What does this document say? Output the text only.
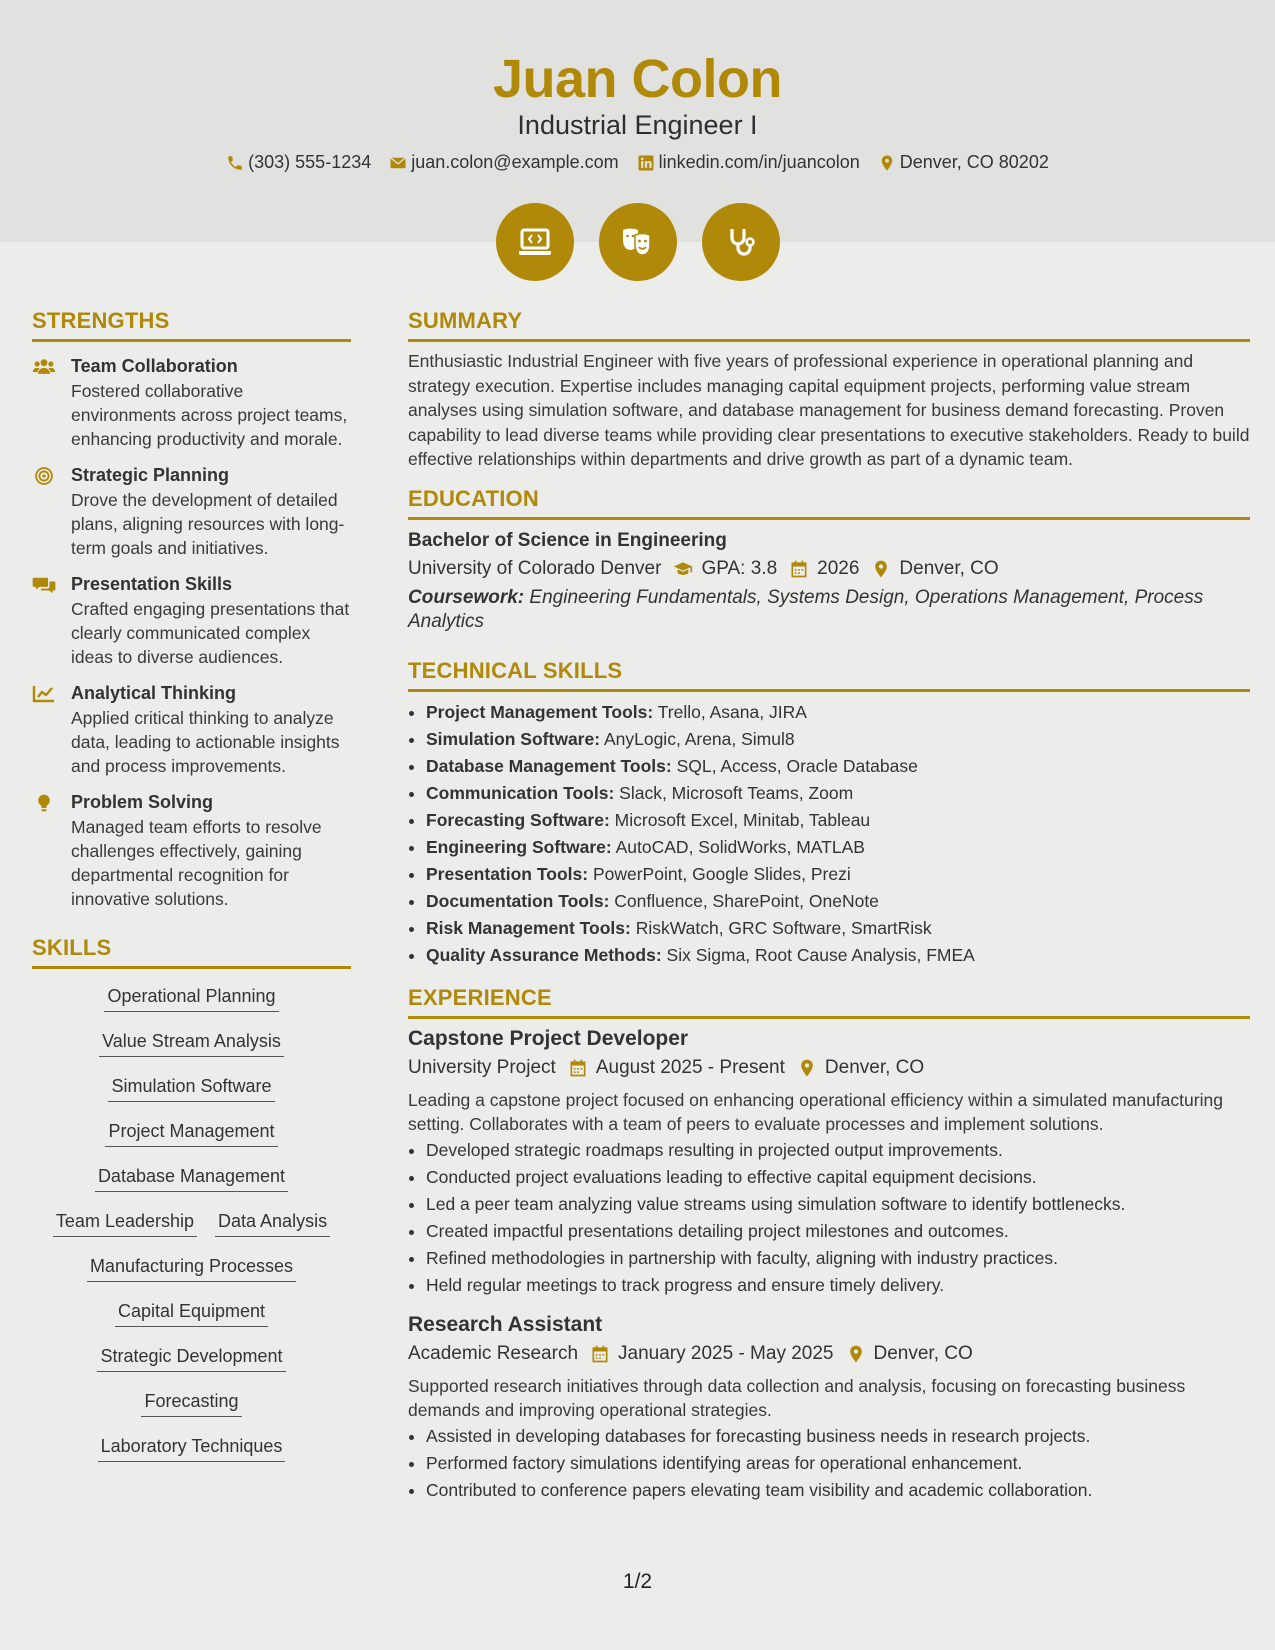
Juan Colon
Industrial Engineer I
(303) 555-1234 juan.colon@example.com linkedin.com/in/juancolon Denver, CO 80202
STRENGTHS
Team Collaboration
Fostered collaborative environments across project teams, enhancing productivity and morale.
Strategic Planning
Drove the development of detailed plans, aligning resources with long-term goals and initiatives.
Presentation Skills
Crafted engaging presentations that clearly communicated complex ideas to diverse audiences.
Analytical Thinking
Applied critical thinking to analyze data, leading to actionable insights and process improvements.
Problem Solving
Managed team efforts to resolve challenges effectively, gaining departmental recognition for innovative solutions.
SKILLS
Operational Planning
Value Stream Analysis
Simulation Software
Project Management
Database Management
Team Leadership Data Analysis
Manufacturing Processes
Capital Equipment
Strategic Development
Forecasting
Laboratory Techniques
SUMMARY
Enthusiastic Industrial Engineer with five years of professional experience in operational planning and strategy execution. Expertise includes managing capital equipment projects, performing value stream analyses using simulation software, and database management for business demand forecasting. Proven capability to lead diverse teams while providing clear presentations to executive stakeholders. Ready to build effective relationships within departments and drive growth as part of a dynamic team.
EDUCATION
Bachelor of Science in Engineering
University of Colorado Denver GPA: 3.8 2026 Denver, CO
Coursework: Engineering Fundamentals, Systems Design, Operations Management, Process Analytics
TECHNICAL SKILLS
• Project Management Tools: Trello, Asana, JIRA
• Simulation Software: AnyLogic, Arena, Simul8
• Database Management Tools: SQL, Access, Oracle Database
• Communication Tools: Slack, Microsoft Teams, Zoom
• Forecasting Software: Microsoft Excel, Minitab, Tableau
• Engineering Software: AutoCAD, SolidWorks, MATLAB
• Presentation Tools: PowerPoint, Google Slides, Prezi
• Documentation Tools: Confluence, SharePoint, OneNote
• Risk Management Tools: RiskWatch, GRC Software, SmartRisk
• Quality Assurance Methods: Six Sigma, Root Cause Analysis, FMEA
EXPERIENCE
Capstone Project Developer
University Project August 2025 - Present Denver, CO
Leading a capstone project focused on enhancing operational efficiency within a simulated manufacturing setting. Collaborates with a team of peers to evaluate processes and implement solutions.
• Developed strategic roadmaps resulting in projected output improvements.
• Conducted project evaluations leading to effective capital equipment decisions.
• Led a peer team analyzing value streams using simulation software to identify bottlenecks.
• Created impactful presentations detailing project milestones and outcomes.
• Refined methodologies in partnership with faculty, aligning with industry practices.
• Held regular meetings to track progress and ensure timely delivery.
Research Assistant
Academic Research January 2025 - May 2025 Denver, CO
Supported research initiatives through data collection and analysis, focusing on forecasting business demands and improving operational strategies.
• Assisted in developing databases for forecasting business needs in research projects.
• Performed factory simulations identifying areas for operational enhancement.
• Contributed to conference papers elevating team visibility and academic collaboration.
1/2
